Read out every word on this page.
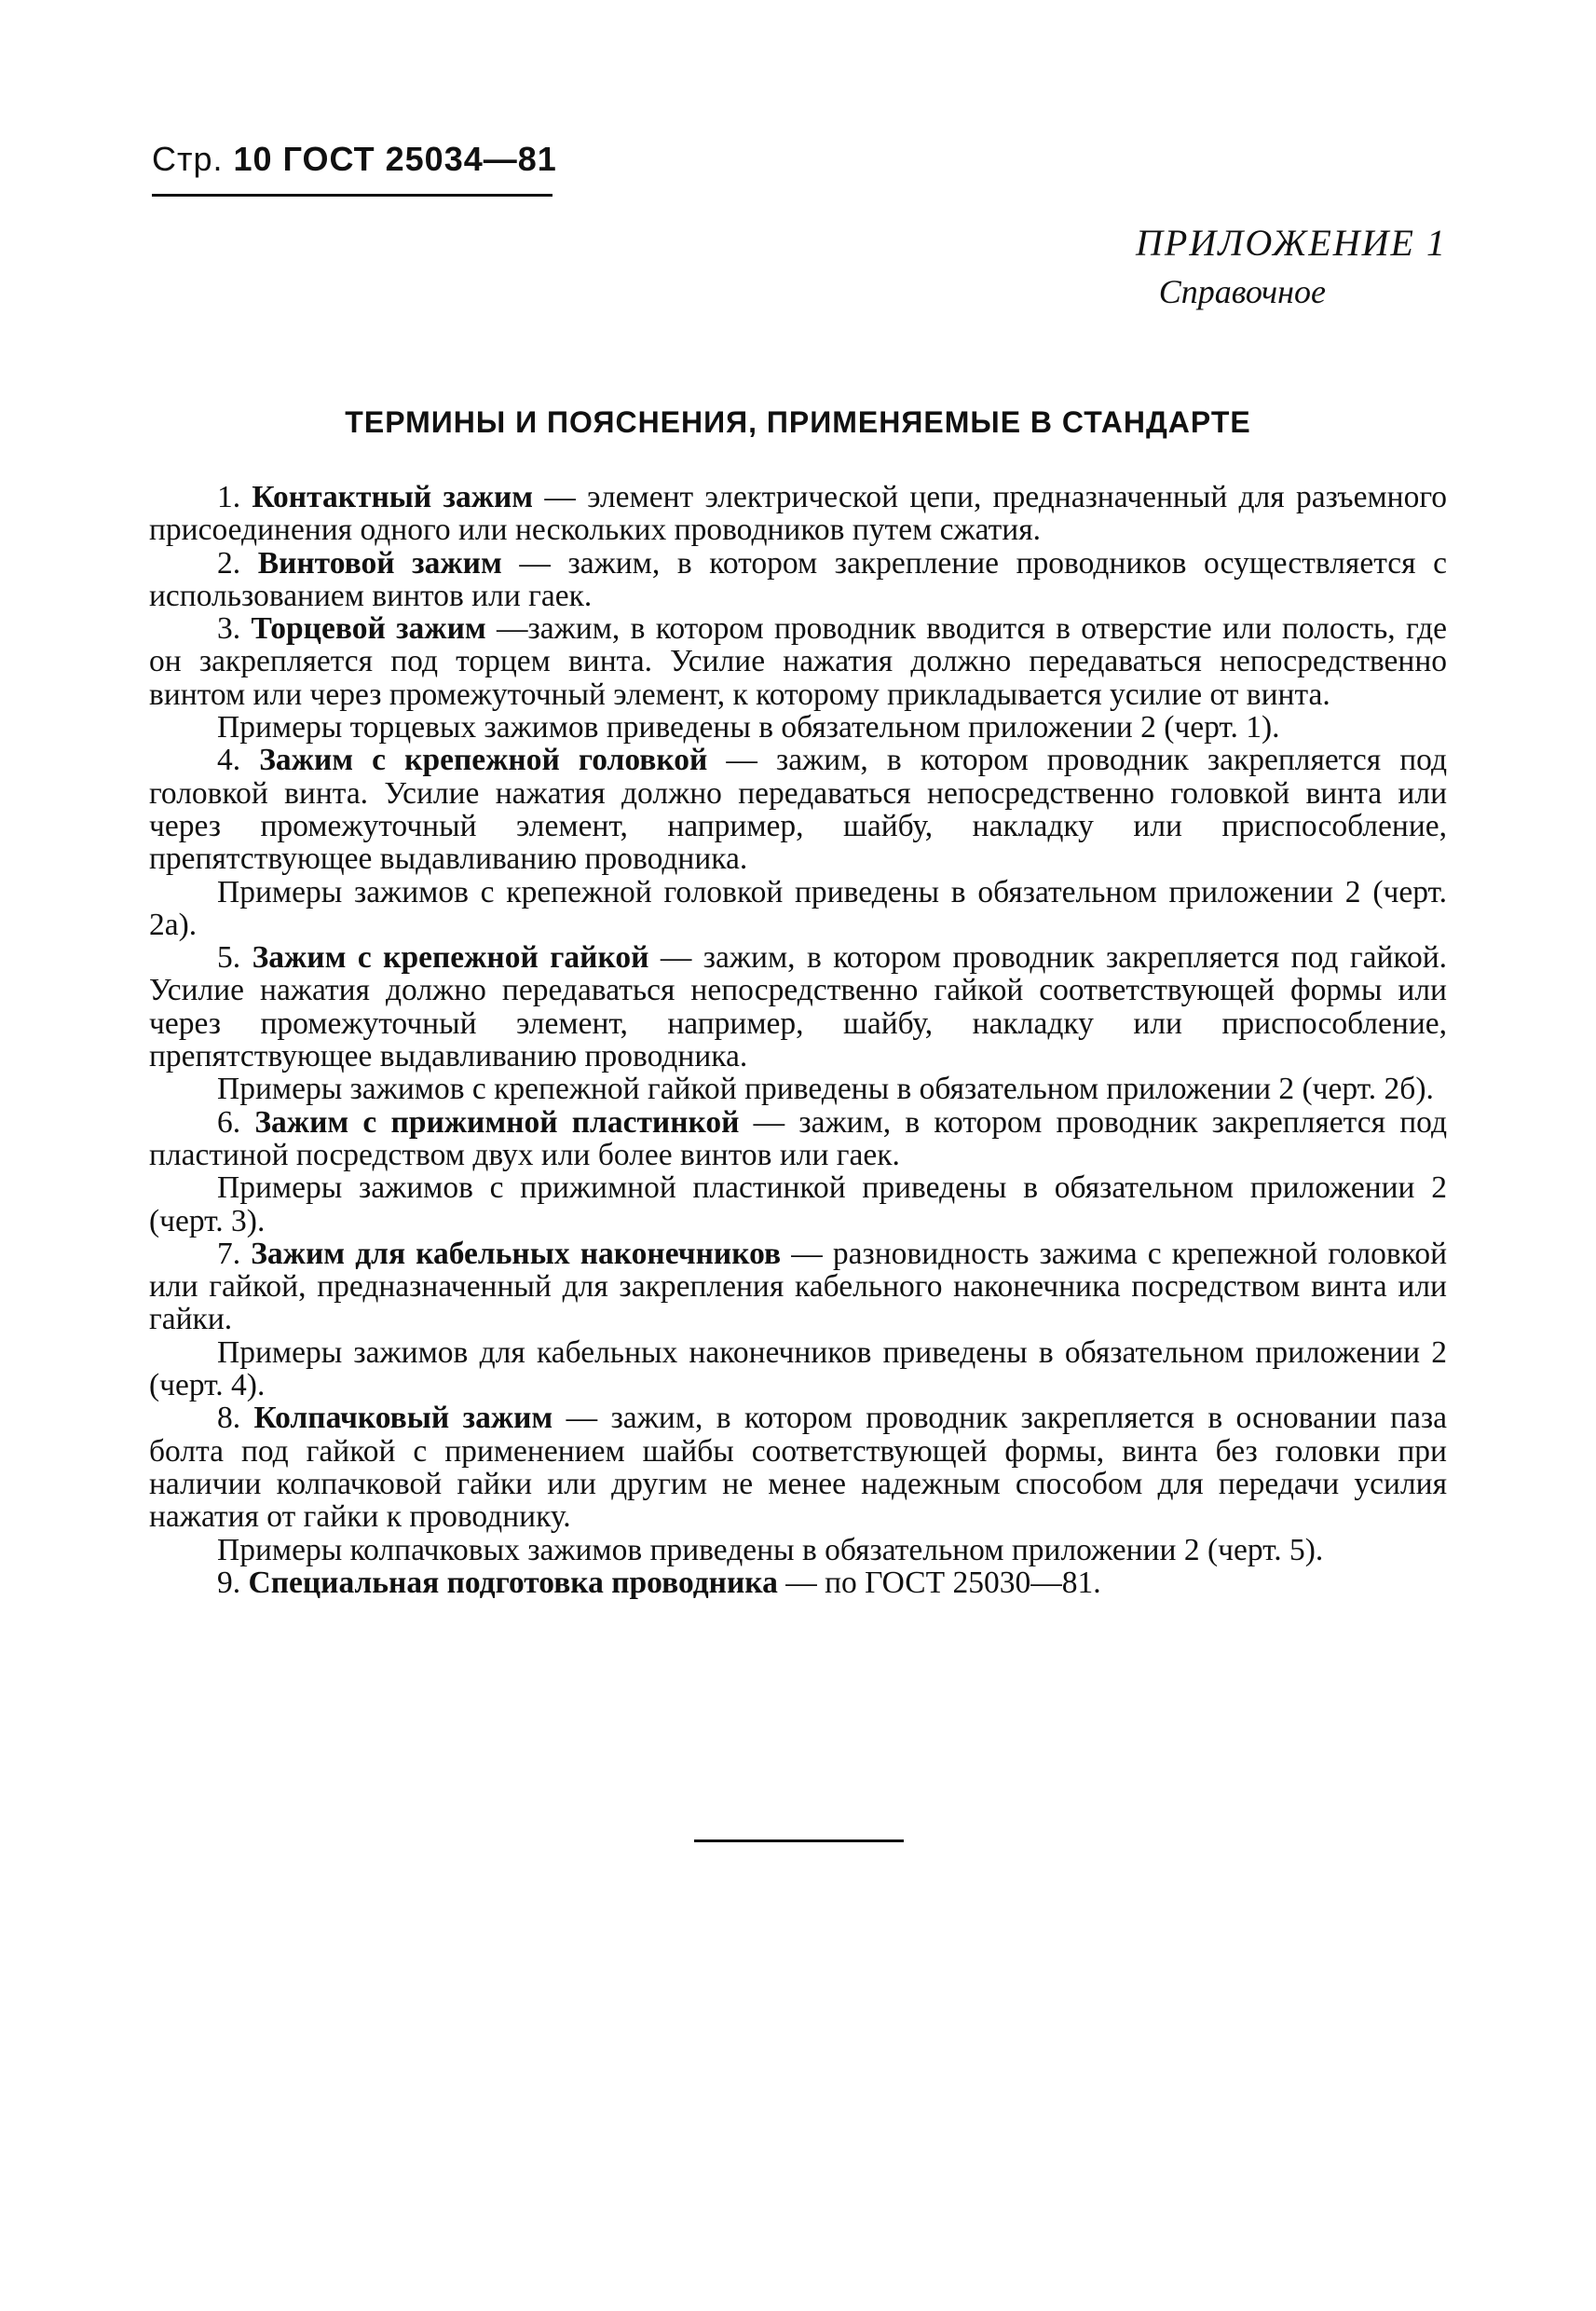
Стр. 10 ГОСТ 25034—81
ПРИЛОЖЕНИЕ 1
Справочное
ТЕРМИНЫ И ПОЯСНЕНИЯ, ПРИМЕНЯЕМЫЕ В СТАНДАРТЕ

1. Контактный зажим — элемент электрической цепи, предназначенный для разъемного присоединения одного или нескольких проводников путем сжатия.

2. Винтовой зажим — зажим, в котором закрепление проводников осуществляется с использованием винтов или гаек.

3. Торцевой зажим —зажим, в котором проводник вводится в отверстие или полость, где он закрепляется под торцем винта. Усилие нажатия должно передаваться непосредственно винтом или через промежуточный элемент, к которому прикладывается усилие от винта.

Примеры торцевых зажимов приведены в обязательном приложении 2 (черт. 1).

4. Зажим с крепежной головкой — зажим, в котором проводник закрепляется под головкой винта. Усилие нажатия должно передаваться непосредственно головкой винта или через промежуточный элемент, например, шайбу, накладку или приспособление, препятствующее выдавливанию проводника.

Примеры зажимов с крепежной головкой приведены в обязательном приложении 2 (черт. 2а).

5. Зажим с крепежной гайкой — зажим, в котором проводник закрепляется под гайкой. Усилие нажатия должно передаваться непосредственно гайкой соответствующей формы или через промежуточный элемент, например, шайбу, накладку или приспособление, препятствующее выдавливанию проводника.

Примеры зажимов с крепежной гайкой приведены в обязательном приложении 2 (черт. 2б).

6. Зажим с прижимной пластинкой — зажим, в котором проводник закрепляется под пластиной посредством двух или более винтов или гаек.

Примеры зажимов с прижимной пластинкой приведены в обязательном приложении 2 (черт. 3).

7. Зажим для кабельных наконечников — разновидность зажима с крепежной головкой или гайкой, предназначенный для закрепления кабельного наконечника посредством винта или гайки.

Примеры зажимов для кабельных наконечников приведены в обязательном приложении 2 (черт. 4).

8. Колпачковый зажим — зажим, в котором проводник закрепляется в основании паза болта под гайкой с применением шайбы соответствующей формы, винта без головки при наличии колпачковой гайки или другим не менее надежным способом для передачи усилия нажатия от гайки к проводнику.

Примеры колпачковых зажимов приведены в обязательном приложении 2 (черт. 5).

9. Специальная подготовка проводника — по ГОСТ 25030—81.
